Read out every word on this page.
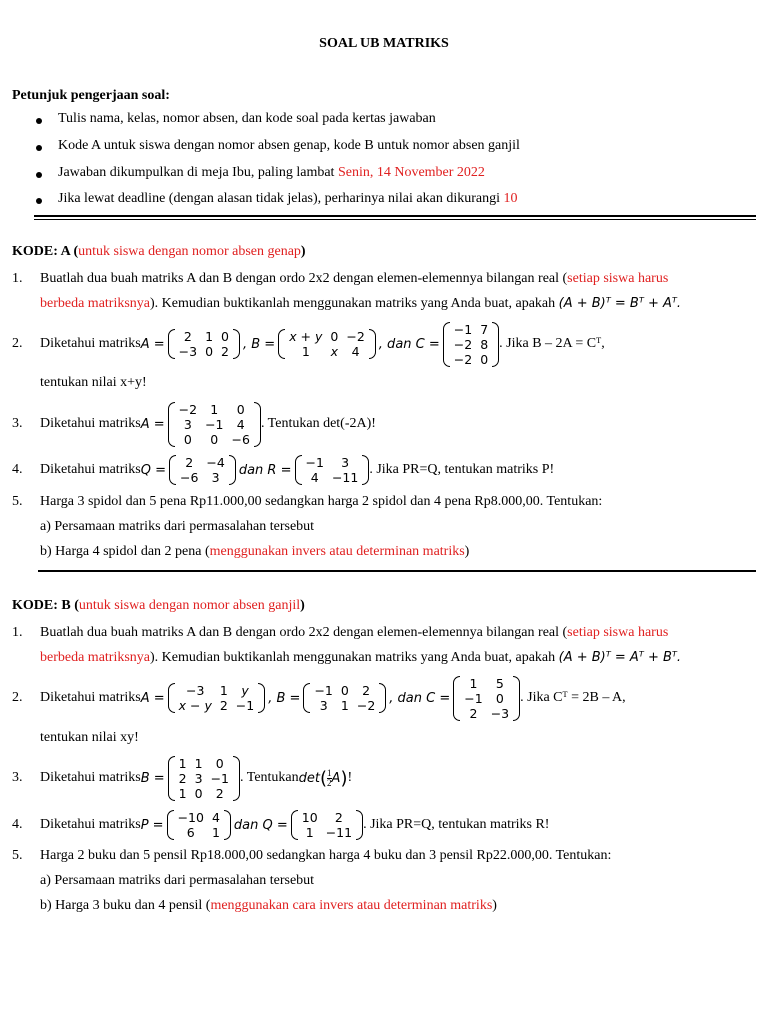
SOAL UB MATRIKS
Petunjuk pengerjaan soal:
Tulis nama, kelas, nomor absen, dan kode soal pada kertas jawaban
Kode A untuk siswa dengan nomor absen genap, kode B untuk nomor absen ganjil
Jawaban dikumpulkan di meja Ibu, paling lambat Senin, 14 November 2022
Jika lewat deadline (dengan alasan tidak jelas), perharinya nilai akan dikurangi 10
KODE: A (untuk siswa dengan nomor absen genap)
1. Buatlah dua buah matriks A dan B dengan ordo 2x2 dengan elemen-elemennya bilangan real (setiap siswa harus
berbeda matriksnya). Kemudian buktikanlah menggunakan matriks yang Anda buat, apakah (A + B)ᵀ = Bᵀ + Aᵀ.
2. Diketahui matriks A = 2	1	0
−3	0	2 , B = x + y	0	−2
1	x	4 , dan C =
−1	7
−2	8
−2	0
. Jika B – 2A = Cᵀ,
tentukan nilai x+y!
3. Diketahui matriks A =
−2	1	0
3	−1	4
0	0	−6
. Tentukan det(-2A)!
4. Diketahui matriks Q = 2	−4
−6	3 dan R = −1	3
4	−11
. Jika PR=Q, tentukan matriks P!
5. Harga 3 spidol dan 5 pena Rp11.000,00 sedangkan harga 2 spidol dan 4 pena Rp8.000,00. Tentukan:
a) Persamaan matriks dari permasalahan tersebut
b) Harga 4 spidol dan 2 pena (menggunakan invers atau determinan matriks)
KODE: B (untuk siswa dengan nomor absen ganjil)
1. Buatlah dua buah matriks A dan B dengan ordo 2x2 dengan elemen-elemennya bilangan real (setiap siswa harus
berbeda matriksnya). Kemudian buktikanlah menggunakan matriks yang Anda buat, apakah (A + B)ᵀ = Aᵀ + Bᵀ.
2. Diketahui matriks A = −3	1	y
x − y	2	−1 , B = −1	0	2
3	1	−2 , dan C =
1	5
−1	0
2	−3
. Jika Cᵀ = 2B – A,
tentukan nilai xy!
3. Diketahui matriks B =
1	1	0
2	3	−1
1	0	2
. Tentukan det ( $\frac{1}{2}$ A ) !
4. Diketahui matriks P = −10	4
6	1 dan Q = 10	2
1	−11
. Jika PR=Q, tentukan matriks R!
5. Harga 2 buku dan 5 pensil Rp18.000,00 sedangkan harga 4 buku dan 3 pensil Rp22.000,00. Tentukan:
a) Persamaan matriks dari permasalahan tersebut
b) Harga 3 buku dan 4 pensil (menggunakan cara invers atau determinan matriks)
